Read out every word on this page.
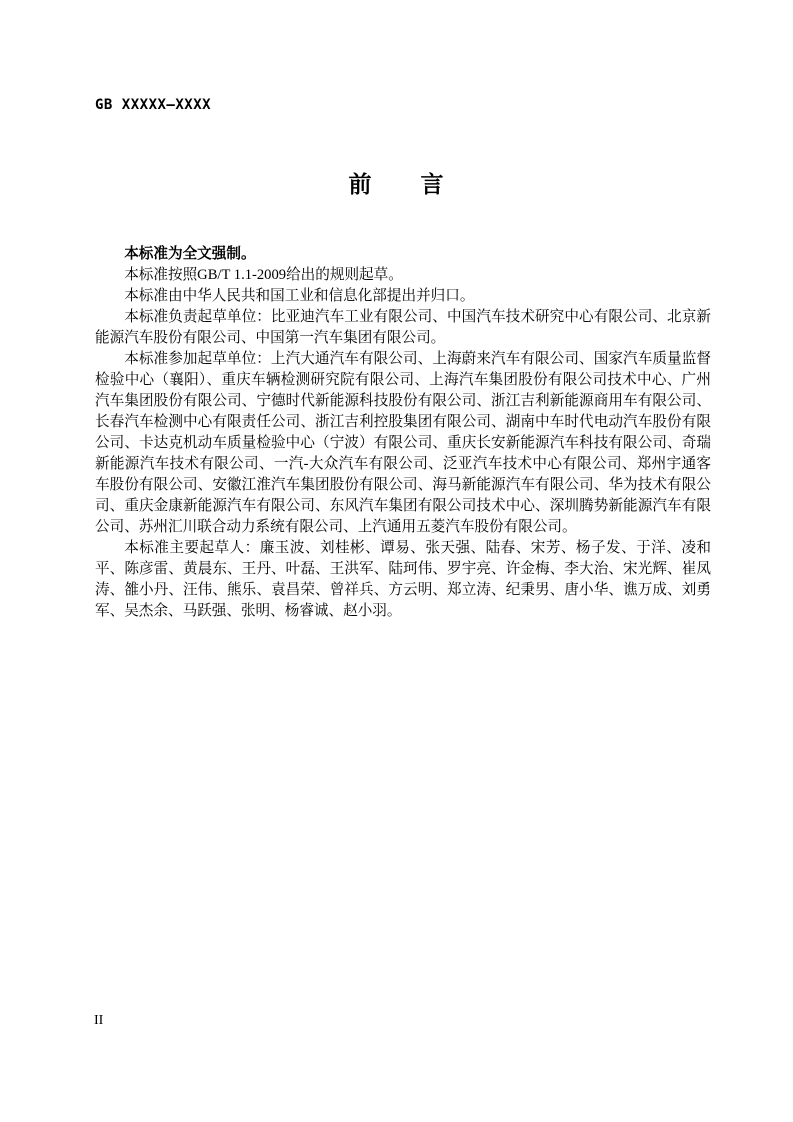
GB XXXXX—XXXX
前　　言

本标准为全文强制。

本标准按照GB/T 1.1-2009给出的规则起草。

本标准由中华人民共和国工业和信息化部提出并归口。

本标准负责起草单位：比亚迪汽车工业有限公司、中国汽车技术研究中心有限公司、北京新能源汽车股份有限公司、中国第一汽车集团有限公司。

本标准参加起草单位：上汽大通汽车有限公司、上海蔚来汽车有限公司、国家汽车质量监督检验中心（襄阳）、重庆车辆检测研究院有限公司、上海汽车集团股份有限公司技术中心、广州汽车集团股份有限公司、宁德时代新能源科技股份有限公司、浙江吉利新能源商用车有限公司、长春汽车检测中心有限责任公司、浙江吉利控股集团有限公司、湖南中车时代电动汽车股份有限公司、卡达克机动车质量检验中心（宁波）有限公司、重庆长安新能源汽车科技有限公司、奇瑞新能源汽车技术有限公司、一汽-大众汽车有限公司、泛亚汽车技术中心有限公司、郑州宇通客车股份有限公司、安徽江淮汽车集团股份有限公司、海马新能源汽车有限公司、华为技术有限公司、重庆金康新能源汽车有限公司、东风汽车集团有限公司技术中心、深圳腾势新能源汽车有限公司、苏州汇川联合动力系统有限公司、上汽通用五菱汽车股份有限公司。

本标准主要起草人：廉玉波、刘桂彬、谭易、张天强、陆春、宋芳、杨子发、于洋、凌和平、陈彦雷、黄晨东、王丹、叶磊、王洪军、陆珂伟、罗宇亮、许金梅、李大治、宋光辉、崔凤涛、雒小丹、汪伟、熊乐、袁昌荣、曾祥兵、方云明、郑立涛、纪秉男、唐小华、谯万成、刘勇军、吴杰余、马跃强、张明、杨睿诚、赵小羽。

II
